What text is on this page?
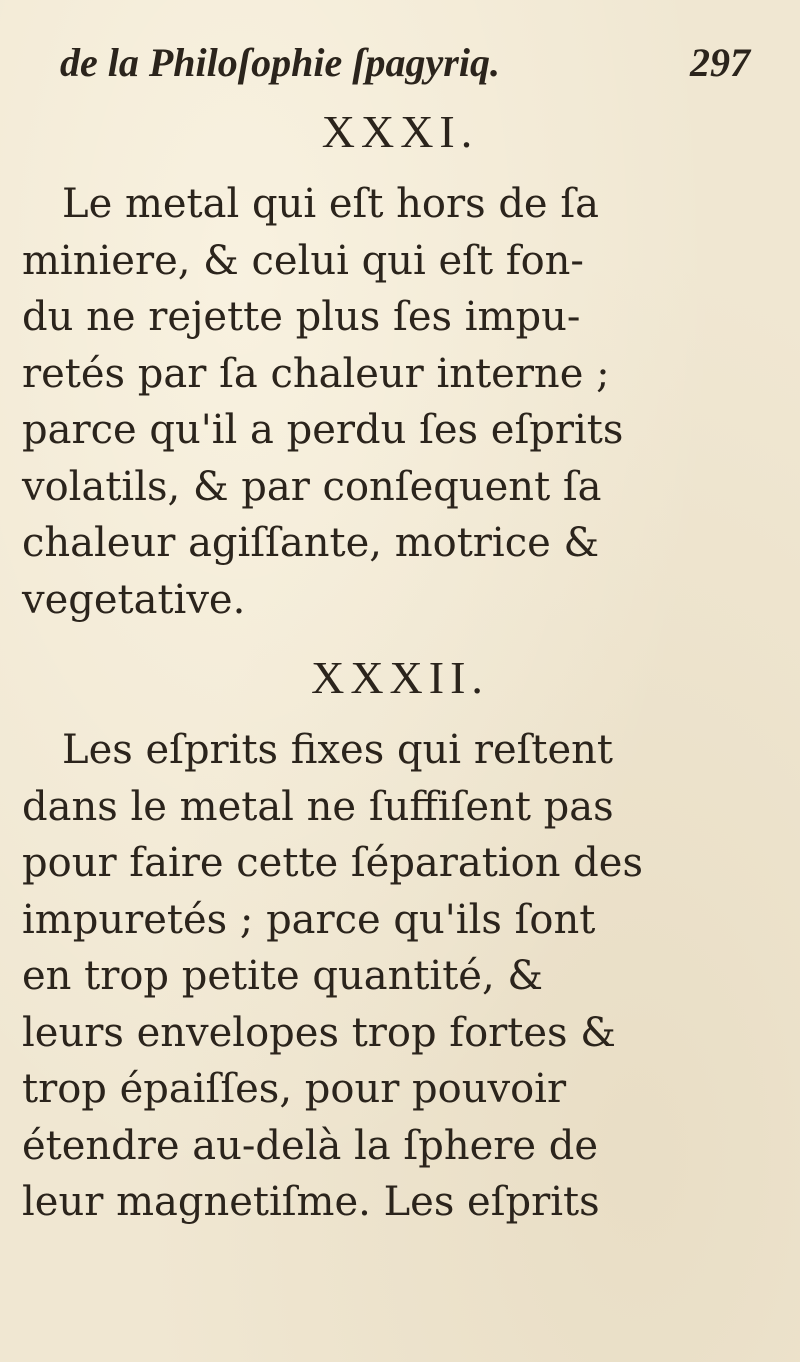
de la Philoſophie ſpagyriq.	297
XXXI.

Le metal qui eſt hors de ſa
miniere, & celui qui eſt fon-
du ne rejette plus ſes impu-
retés par ſa chaleur interne ;
parce qu'il a perdu ſes eſprits
volatils, & par conſequent ſa
chaleur agiſſante, motrice &
vegetative.

XXXII.

Les eſprits fixes qui reſtent
dans le metal ne ſuffiſent pas
pour faire cette ſéparation des
impuretés ; parce qu'ils ſont
en trop petite quantité, &
leurs envelopes trop fortes &
trop épaiſſes, pour pouvoir
étendre au-delà la ſphere de
leur magnetiſme. Les eſprits
